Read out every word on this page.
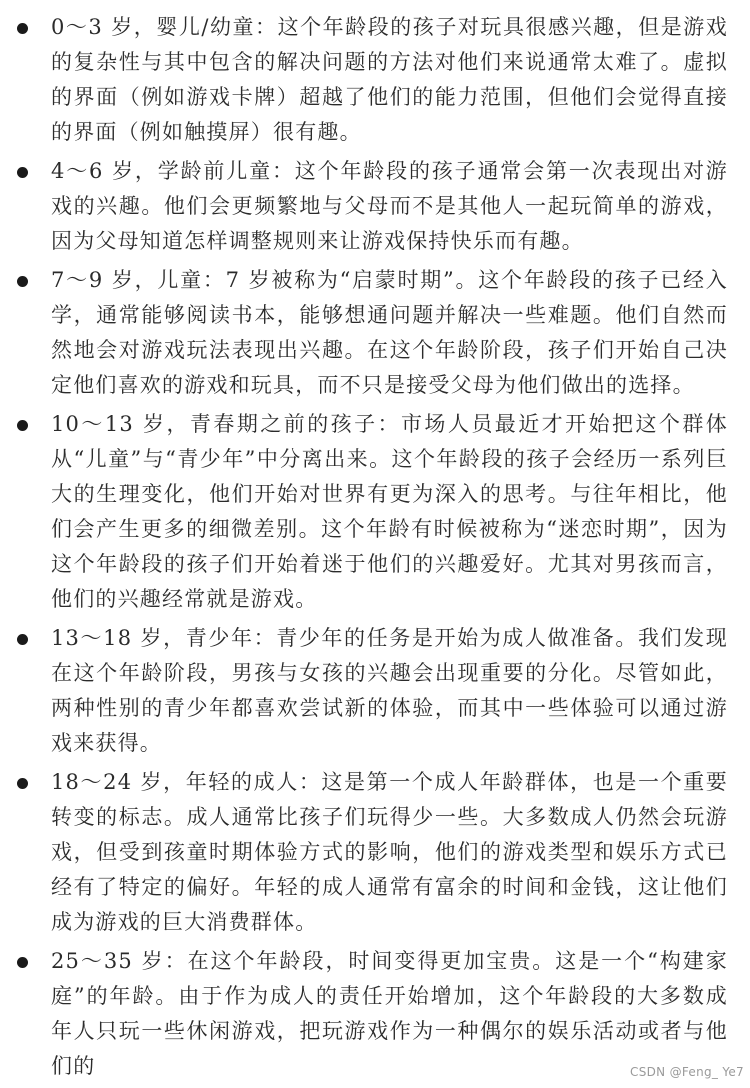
0～3 岁，婴儿/幼童：这个年龄段的孩子对玩具很感兴趣，但是游戏的复杂性与其中包含的解决问题的方法对他们来说通常太难了。虚拟的界面（例如游戏卡牌）超越了他们的能力范围，但他们会觉得直接的界面（例如触摸屏）很有趣。
4～6 岁，学龄前儿童：这个年龄段的孩子通常会第一次表现出对游戏的兴趣。他们会更频繁地与父母而不是其他人一起玩简单的游戏，因为父母知道怎样调整规则来让游戏保持快乐而有趣。
7～9 岁，儿童：7 岁被称为“启蒙时期”。这个年龄段的孩子已经入学，通常能够阅读书本，能够想通问题并解决一些难题。他们自然而然地会对游戏玩法表现出兴趣。在这个年龄阶段，孩子们开始自己决定他们喜欢的游戏和玩具，而不只是接受父母为他们做出的选择。
10～13 岁，青春期之前的孩子：市场人员最近才开始把这个群体从“儿童”与“青少年”中分离出来。这个年龄段的孩子会经历一系列巨大的生理变化，他们开始对世界有更为深入的思考。与往年相比，他们会产生更多的细微差别。这个年龄有时候被称为“迷恋时期”，因为这个年龄段的孩子们开始着迷于他们的兴趣爱好。尤其对男孩而言，他们的兴趣经常就是游戏。
13～18 岁，青少年：青少年的任务是开始为成人做准备。我们发现在这个年龄阶段，男孩与女孩的兴趣会出现重要的分化。尽管如此，两种性别的青少年都喜欢尝试新的体验，而其中一些体验可以通过游戏来获得。
18～24 岁，年轻的成人：这是第一个成人年龄群体，也是一个重要转变的标志。成人通常比孩子们玩得少一些。大多数成人仍然会玩游戏，但受到孩童时期体验方式的影响，他们的游戏类型和娱乐方式已经有了特定的偏好。年轻的成人通常有富余的时间和金钱，这让他们成为游戏的巨大消费群体。
25～35 岁：在这个年龄段，时间变得更加宝贵。这是一个“构建家庭”的年龄。由于作为成人的责任开始增加，这个年龄段的大多数成年人只玩一些休闲游戏，把玩游戏作为一种偶尔的娱乐活动或者与他们的	CSDN @Feng_ Ye7
